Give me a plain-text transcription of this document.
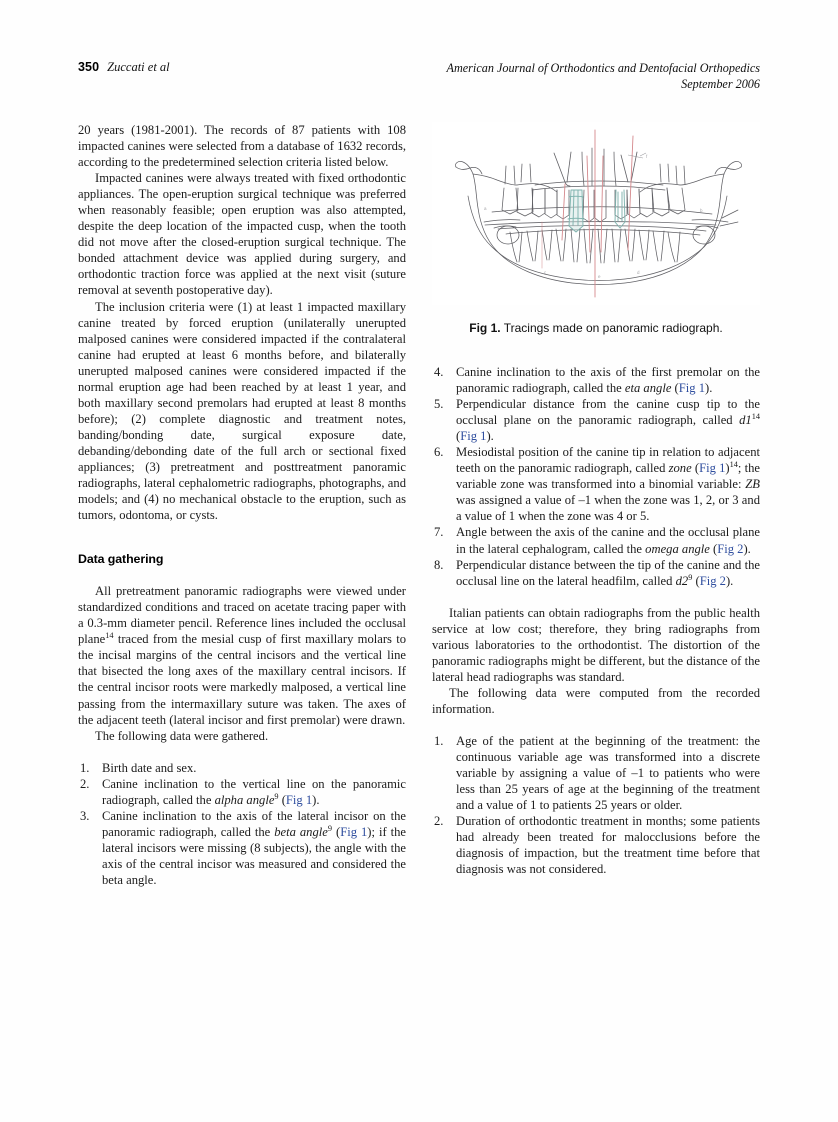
350 Zuccati et al	American Journal of Orthodontics and Dentofacial Orthopedics
September 2006

20 years (1981-2001). The records of 87 patients with 108 impacted canines were selected from a database of 1632 records, according to the predetermined selection criteria listed below.

Impacted canines were always treated with fixed orthodontic appliances. The open-eruption surgical technique was preferred when reasonably feasible; open eruption was also attempted, despite the deep location of the impacted cusp, when the tooth did not move after the closed-eruption surgical technique. The bonded attachment device was applied during surgery, and orthodontic traction force was applied at the next visit (suture removal at seventh postoperative day).

The inclusion criteria were (1) at least 1 impacted maxillary canine treated by forced eruption (unilaterally unerupted malposed canines were considered impacted if the contralateral canine had erupted at least 6 months before, and bilaterally unerupted malposed canines were considered impacted if the normal eruption age had been reached by at least 1 year, and both maxillary second premolars had erupted at least 8 months before); (2) complete diagnostic and treatment notes, banding/bonding date, surgical exposure date, debanding/debonding date of the full arch or sectional fixed appliances; (3) pretreatment and posttreatment panoramic radiographs, lateral cephalometric radiographs, photographs, and models; and (4) no mechanical obstacle to the eruption, such as tumors, odontoma, or cysts.

Data gathering

All pretreatment panoramic radiographs were viewed under standardized conditions and traced on acetate tracing paper with a 0.3-mm diameter pencil. Reference lines included the occlusal plane$^{14}$ traced from the mesial cusp of first maxillary molars to the incisal margins of the central incisors and the vertical line that bisected the long axes of the maxillary central incisors. If the central incisor roots were markedly malposed, a vertical line passing from the intermaxillary suture was taken. The axes of the adjacent teeth (lateral incisor and first premolar) were drawn.

The following data were gathered.

1. Birth date and sex.
2. Canine inclination to the vertical line on the panoramic radiograph, called the alpha angle$^9$ (Fig 1).
3. Canine inclination to the axis of the lateral incisor on the panoramic radiograph, called the beta angle$^9$ (Fig 1); if the lateral incisors were missing (8 subjects), the angle with the axis of the central incisor was measured and considered the beta angle.
a	b
c	d
e
f
Fig 1. Tracings made on panoramic radiograph.
4. Canine inclination to the axis of the first premolar on the panoramic radiograph, called the eta angle (Fig 1).
5. Perpendicular distance from the canine cusp tip to the occlusal plane on the panoramic radiograph, called $d1^{14}$ (Fig 1).
6. Mesiodistal position of the canine tip in relation to adjacent teeth on the panoramic radiograph, called zone (Fig 1)$^{14}$; the variable zone was transformed into a binomial variable: ZB was assigned a value of –1 when the zone was 1, 2, or 3 and a value of 1 when the zone was 4 or 5.
7. Angle between the axis of the canine and the occlusal plane in the lateral cephalogram, called the omega angle (Fig 2).
8. Perpendicular distance between the tip of the canine and the occlusal line on the lateral headfilm, called $d2^9$ (Fig 2).

Italian patients can obtain radiographs from the public health service at low cost; therefore, they bring radiographs from various laboratories to the orthodontist. The distortion of the panoramic radiographs might be different, but the distance of the lateral head radiographs was standard.

The following data were computed from the recorded information.

1. Age of the patient at the beginning of the treatment: the continuous variable age was transformed into a discrete variable by assigning a value of –1 to patients who were less than 25 years of age at the beginning of the treatment and a value of 1 to patients 25 years or older.
2. Duration of orthodontic treatment in months; some patients had already been treated for malocclusions before the diagnosis of impaction, but the treatment time before that diagnosis was not considered.
